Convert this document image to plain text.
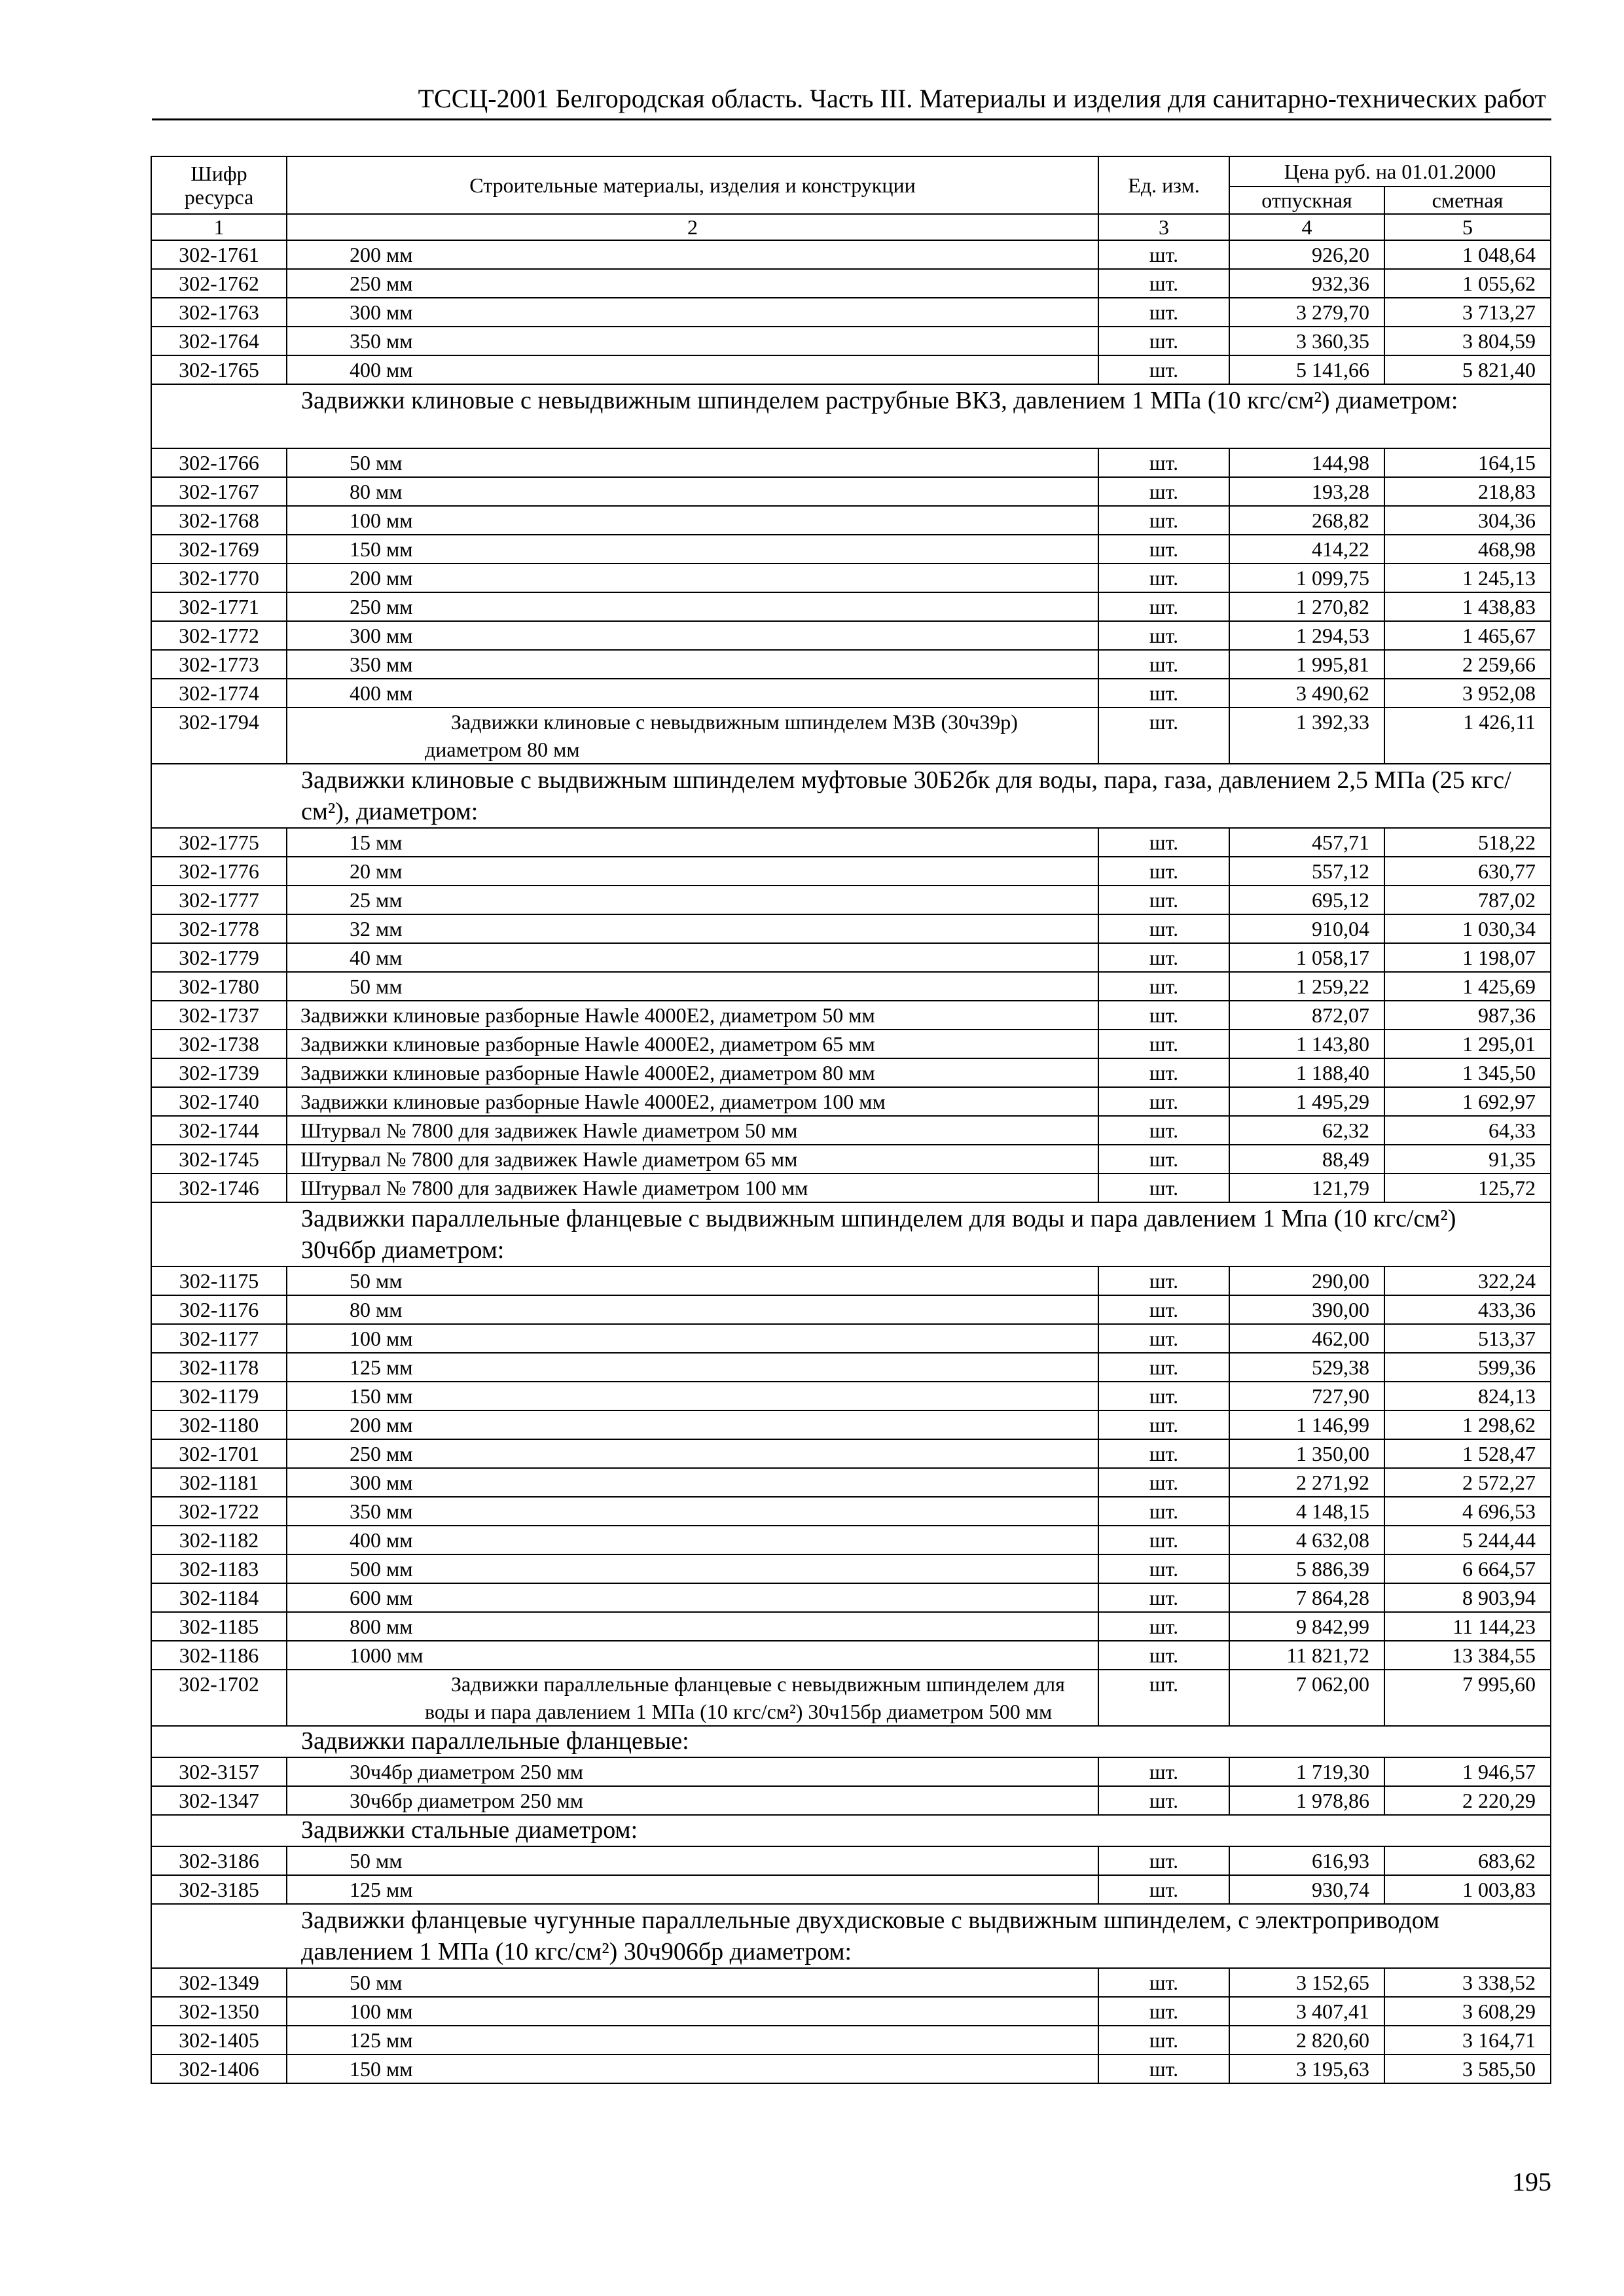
ТССЦ-2001 Белгородская область. Часть III. Материалы и изделия для санитарно-технических работ
Шифр ресурса	Строительные материалы, изделия и конструкции	Ед. изм.	Цена руб. на 01.01.2000	
			отпускная	сметная
1	2	3	4	5
302-1761	200 мм	шт.	926,20	1 048,64
302-1762	250 мм	шт.	932,36	1 055,62
302-1763	300 мм	шт.	3 279,70	3 713,27
302-1764	350 мм	шт.	3 360,35	3 804,59
302-1765	400 мм	шт.	5 141,66	5 821,40
Задвижки клиновые с невыдвижным шпинделем раструбные ВКЗ, давлением 1 МПа (10 кгс/см²) диаметром:				
302-1766	50 мм	шт.	144,98	164,15
302-1767	80 мм	шт.	193,28	218,83
302-1768	100 мм	шт.	268,82	304,36
302-1769	150 мм	шт.	414,22	468,98
302-1770	200 мм	шт.	1 099,75	1 245,13
302-1771	250 мм	шт.	1 270,82	1 438,83
302-1772	300 мм	шт.	1 294,53	1 465,67
302-1773	350 мм	шт.	1 995,81	2 259,66
302-1774	400 мм	шт.	3 490,62	3 952,08
302-1794	Задвижки клиновые с невыдвижным шпинделем МЗВ (30ч39р) диаметром 80 мм	шт.	1 392,33	1 426,11
Задвижки клиновые с выдвижным шпинделем муфтовые 30Б2бк для воды, пара, газа, давлением 2,5 МПа (25 кгс/см²), диаметром:				
302-1775	15 мм	шт.	457,71	518,22
302-1776	20 мм	шт.	557,12	630,77
302-1777	25 мм	шт.	695,12	787,02
302-1778	32 мм	шт.	910,04	1 030,34
302-1779	40 мм	шт.	1 058,17	1 198,07
302-1780	50 мм	шт.	1 259,22	1 425,69
302-1737	Задвижки клиновые разборные Hawle 4000E2, диаметром 50 мм	шт.	872,07	987,36
302-1738	Задвижки клиновые разборные Hawle 4000E2, диаметром 65 мм	шт.	1 143,80	1 295,01
302-1739	Задвижки клиновые разборные Hawle 4000E2, диаметром 80 мм	шт.	1 188,40	1 345,50
302-1740	Задвижки клиновые разборные Hawle 4000E2, диаметром 100 мм	шт.	1 495,29	1 692,97
302-1744	Штурвал № 7800 для задвижек Hawle диаметром 50 мм	шт.	62,32	64,33
302-1745	Штурвал № 7800 для задвижек Hawle диаметром 65 мм	шт.	88,49	91,35
302-1746	Штурвал № 7800 для задвижек Hawle диаметром 100 мм	шт.	121,79	125,72
Задвижки параллельные фланцевые с выдвижным шпинделем для воды и пара давлением 1 Мпа (10 кгс/см²) 30ч6бр диаметром:				
302-1175	50 мм	шт.	290,00	322,24
302-1176	80 мм	шт.	390,00	433,36
302-1177	100 мм	шт.	462,00	513,37
302-1178	125 мм	шт.	529,38	599,36
302-1179	150 мм	шт.	727,90	824,13
302-1180	200 мм	шт.	1 146,99	1 298,62
302-1701	250 мм	шт.	1 350,00	1 528,47
302-1181	300 мм	шт.	2 271,92	2 572,27
302-1722	350 мм	шт.	4 148,15	4 696,53
302-1182	400 мм	шт.	4 632,08	5 244,44
302-1183	500 мм	шт.	5 886,39	6 664,57
302-1184	600 мм	шт.	7 864,28	8 903,94
302-1185	800 мм	шт.	9 842,99	11 144,23
302-1186	1000 мм	шт.	11 821,72	13 384,55
302-1702	Задвижки параллельные фланцевые с невыдвижным шпинделем для воды и пара давлением 1 МПа (10 кгс/см²) 30ч15бр диаметром 500 мм	шт.	7 062,00	7 995,60
Задвижки параллельные фланцевые:				
302-3157	30ч4бр диаметром 250 мм	шт.	1 719,30	1 946,57
302-1347	30ч6бр диаметром 250 мм	шт.	1 978,86	2 220,29
Задвижки стальные диаметром:				
302-3186	50 мм	шт.	616,93	683,62
302-3185	125 мм	шт.	930,74	1 003,83
Задвижки фланцевые чугунные параллельные двухдисковые с выдвижным шпинделем, с электроприводом давлением 1 МПа (10 кгс/см²) 30ч906бр диаметром:				
302-1349	50 мм	шт.	3 152,65	3 338,52
302-1350	100 мм	шт.	3 407,41	3 608,29
302-1405	125 мм	шт.	2 820,60	3 164,71
302-1406	150 мм	шт.	3 195,63	3 585,50
195
